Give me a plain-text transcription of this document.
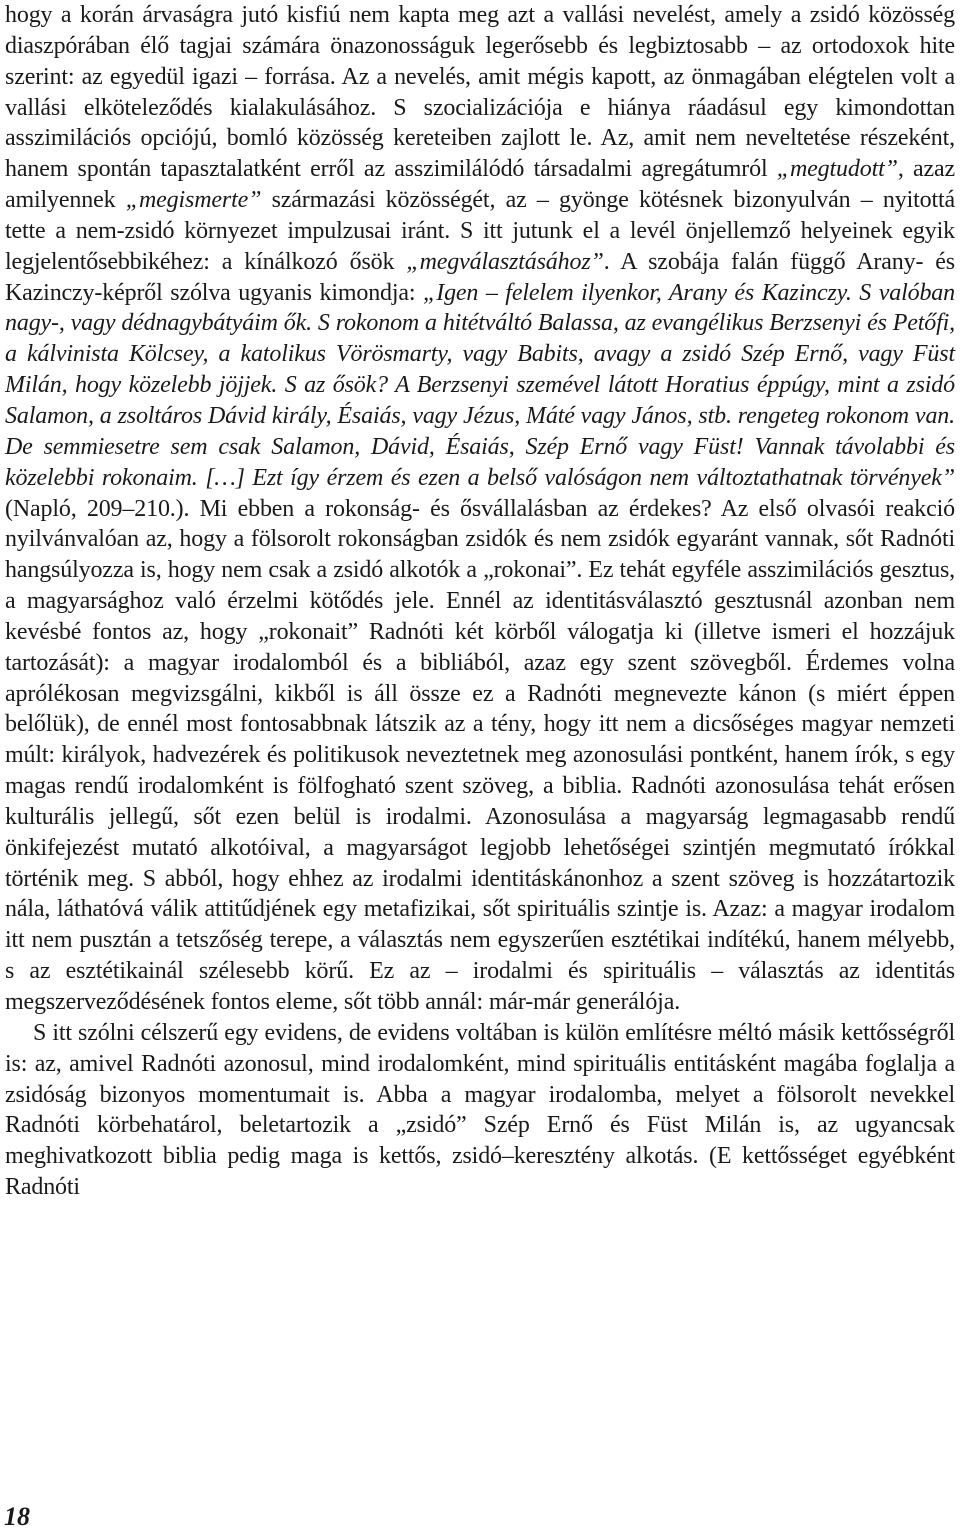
hogy a korán árvaságra jutó kisfiú nem kapta meg azt a vallási nevelést, amely a zsidó közösség diaszpórában élő tagjai számára önazonosságuk legerősebb és legbiztosabb – az ortodoxok hite szerint: az egyedül igazi – forrása. Az a nevelés, amit mégis kapott, az önmagában elégtelen volt a vallási elköteleződés kialakulásához. S szocializációja e hiánya ráadásul egy kimondottan asszimilációs opciójú, bomló közösség kereteiben zajlott le. Az, amit nem neveltetése részeként, hanem spontán tapasztalatként erről az asszimilálódó társadalmi agregátumról „megtudott”, azaz amilyennek „megismerte” származási közösségét, az – gyönge kötésnek bizonyulván – nyitottá tette a nem-zsidó környezet impulzusai iránt. S itt jutunk el a levél önjellemző helyeinek egyik legjelentősebbikéhez: a kínálkozó ősök „megválasztásához”. A szobája falán függő Arany- és Kazinczy-képről szólva ugyanis kimondja: „Igen – felelem ilyenkor, Arany és Kazinczy. S valóban nagy-, vagy dédnagybátyáim ők. S rokonom a hitétváltó Balassa, az evangélikus Berzsenyi és Petőfi, a kálvinista Kölcsey, a katolikus Vörösmarty, vagy Babits, avagy a zsidó Szép Ernő, vagy Füst Milán, hogy közelebb jöjjek. S az ősök? A Berzsenyi szemével látott Horatius éppúgy, mint a zsidó Salamon, a zsoltáros Dávid király, Ésaiás, vagy Jézus, Máté vagy János, stb. rengeteg rokonom van. De semmiesetre sem csak Salamon, Dávid, Ésaiás, Szép Ernő vagy Füst! Vannak távolabbi és közelebbi rokonaim. […] Ezt így érzem és ezen a belső valóságon nem változtathatnak törvények” (Napló, 209–210.). Mi ebben a rokonság- és ősvállalásban az érdekes? Az első olvasói reakció nyilvánvalóan az, hogy a fölsorolt rokonságban zsidók és nem zsidók egyaránt vannak, sőt Radnóti hangsúlyozza is, hogy nem csak a zsidó alkotók a „rokonai”. Ez tehát egyféle asszimilációs gesztus, a magyarsághoz való érzelmi kötődés jele. Ennél az identitásválasztó gesztusnál azonban nem kevésbé fontos az, hogy „rokonait” Radnóti két körből válogatja ki (illetve ismeri el hozzájuk tartozását): a magyar irodalomból és a bibliából, azaz egy szent szövegből. Érdemes volna aprólékosan megvizsgálni, kikből is áll össze ez a Radnóti megnevezte kánon (s miért éppen belőlük), de ennél most fontosabbnak látszik az a tény, hogy itt nem a dicsőséges magyar nemzeti múlt: királyok, hadvezérek és politikusok neveztetnek meg azonosulási pontként, hanem írók, s egy magas rendű irodalomként is fölfogható szent szöveg, a biblia. Radnóti azonosulása tehát erősen kulturális jellegű, sőt ezen belül is irodalmi. Azonosulása a magyarság legmagasabb rendű önkifejezést mutató alkotóival, a magyarságot legjobb lehetőségei szintjén megmutató írókkal történik meg. S abból, hogy ehhez az irodalmi identitáskánonhoz a szent szöveg is hozzátartozik nála, láthatóvá válik attitűdjének egy metafizikai, sőt spirituális szintje is. Azaz: a magyar irodalom itt nem pusztán a tetszőség terepe, a választás nem egyszerűen esztétikai indítékú, hanem mélyebb, s az esztétikainál szélesebb körű. Ez az – irodalmi és spirituális – választás az identitás megszerveződésének fontos eleme, sőt több annál: már-már generálója.

S itt szólni célszerű egy evidens, de evidens voltában is külön említésre méltó másik kettősségről is: az, amivel Radnóti azonosul, mind irodalomként, mind spirituális entitásként magába foglalja a zsidóság bizonyos momentumait is. Abba a magyar irodalomba, melyet a fölsorolt nevekkel Radnóti körbehatárol, beletartozik a „zsidó” Szép Ernő és Füst Milán is, az ugyancsak meghivatkozott biblia pedig maga is kettős, zsidó–keresztény alkotás. (E kettősséget egyébként Radnóti

18
